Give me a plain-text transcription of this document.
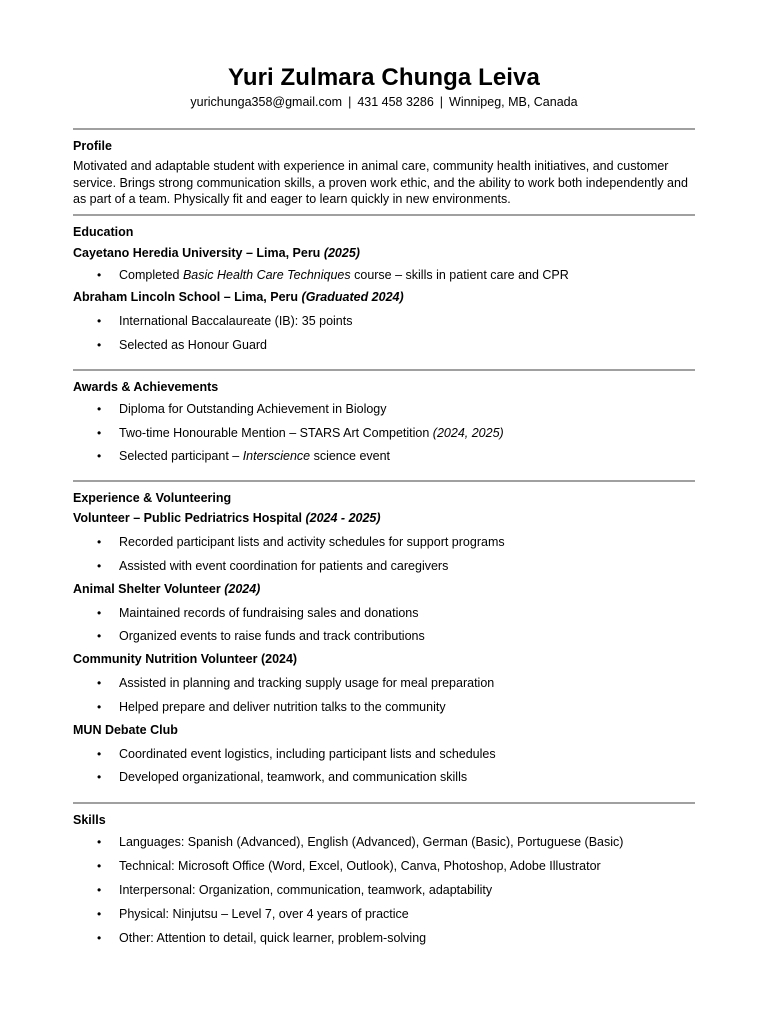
Yuri Zulmara Chunga Leiva
yurichunga358@gmail.com | 431 458 3286 | Winnipeg, MB, Canada
Profile
Motivated and adaptable student with experience in animal care, community health initiatives, and customer service. Brings strong communication skills, a proven work ethic, and the ability to work both independently and as part of a team. Physically fit and eager to learn quickly in new environments.
Education
Cayetano Heredia University – Lima, Peru (2025)
• Completed Basic Health Care Techniques course – skills in patient care and CPR
Abraham Lincoln School – Lima, Peru (Graduated 2024)
• International Baccalaureate (IB): 35 points
• Selected as Honour Guard
Awards & Achievements
• Diploma for Outstanding Achievement in Biology
• Two-time Honourable Mention – STARS Art Competition (2024, 2025)
• Selected participant – Interscience science event
Experience & Volunteering
Volunteer – Public Pedriatrics Hospital (2024 - 2025)
• Recorded participant lists and activity schedules for support programs
• Assisted with event coordination for patients and caregivers
Animal Shelter Volunteer (2024)
• Maintained records of fundraising sales and donations
• Organized events to raise funds and track contributions
Community Nutrition Volunteer (2024)
• Assisted in planning and tracking supply usage for meal preparation
• Helped prepare and deliver nutrition talks to the community
MUN Debate Club
• Coordinated event logistics, including participant lists and schedules
• Developed organizational, teamwork, and communication skills
Skills
• Languages: Spanish (Advanced), English (Advanced), German (Basic), Portuguese (Basic)
• Technical: Microsoft Office (Word, Excel, Outlook), Canva, Photoshop, Adobe Illustrator
• Interpersonal: Organization, communication, teamwork, adaptability
• Physical: Ninjutsu – Level 7, over 4 years of practice
• Other: Attention to detail, quick learner, problem-solving
